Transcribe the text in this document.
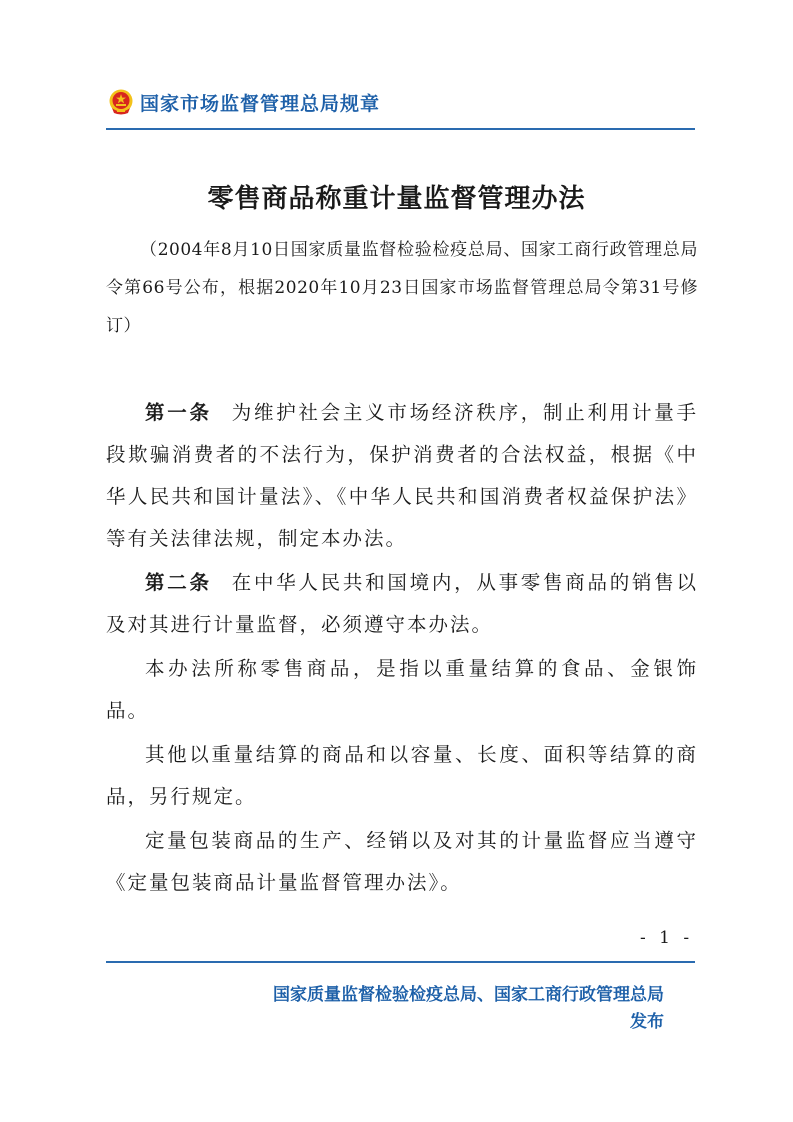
国家市场监督管理总局规章
零售商品称重计量监督管理办法
（2004年8月10日国家质量监督检验检疫总局、国家工商行政管理总局令第66号公布，根据2020年10月23日国家市场监督管理总局令第31号修订）

第一条 为维护社会主义市场经济秩序，制止利用计量手段欺骗消费者的不法行为，保护消费者的合法权益，根据《中华人民共和国计量法》、《中华人民共和国消费者权益保护法》等有关法律法规，制定本办法。

第二条 在中华人民共和国境内，从事零售商品的销售以及对其进行计量监督，必须遵守本办法。

本办法所称零售商品，是指以重量结算的食品、金银饰品。

其他以重量结算的商品和以容量、长度、面积等结算的商品，另行规定。

定量包装商品的生产、经销以及对其的计量监督应当遵守《定量包装商品计量监督管理办法》。

- 1 -
国家质量监督检验检疫总局、国家工商行政管理总局
发布
